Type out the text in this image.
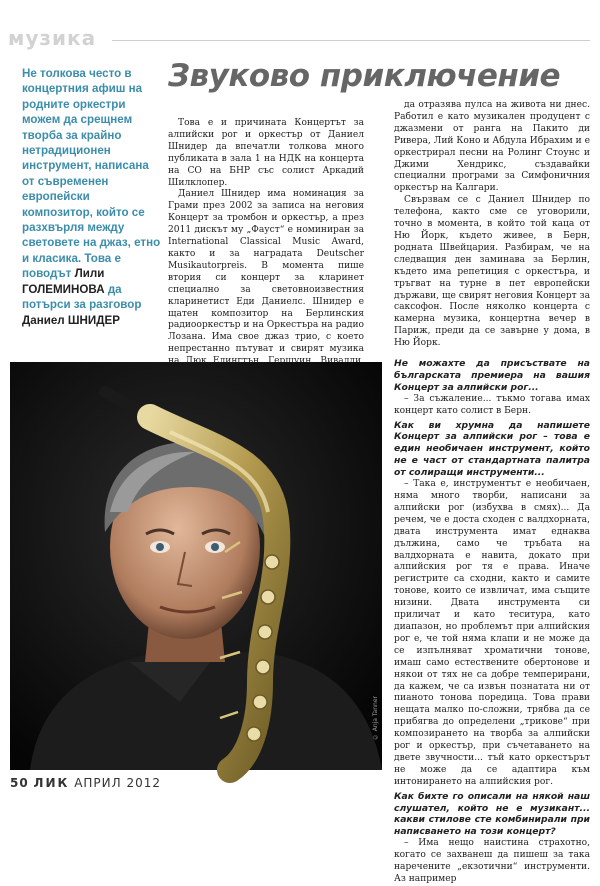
музика
Не толкова често в концертния афиш на родните оркестри можем да срещнем творба за крайно нетрадиционен инструмент, написана от съвременен европейски композитор, който се разхвърля между световете на джаз, етно и класика. Това е поводът Лили ГОЛЕМИНОВА да потърси за разговор Даниел ШНИДЕР
Звуково приключение

Това е и причината Концертът за алпийски рог и оркестър от Даниел Шнидер да впечатли толкова много публиката в зала 1 на НДК на концерта на СО на БНР със солист Аркадий Шилклопер.

Даниел Шнидер има номинация за Грами през 2002 за записа на неговия Концерт за тромбон и оркестър, а през 2011 дискът му „Фауст“ е номиниран за International Classical Music Award, както и за наградата Deutscher Musikautorpreis. В момента пише втория си концерт за кларинет специално за световноизвестния кларинетист Еди Даниелс. Шнидер е щатен композитор на Берлинския радиооркестър и на Оркестъра на радио Лозана. Има свое джаз трио, с което непрестанно пътуват и свирят музика

да отразява пулса на живота ни днес. Работил е като музикален продуцент с джазмени от ранга на Пакито ди Ривера, Лий Коно и Абдула Ибрахим и е оркестрирал песни на Ролинг Стоунс и Джими Хендрикс, създавайки специални програми за Симфоничния оркестър на Калгари.

Свързвам се с Даниел Шнидер по телефона, както сме се уговорили, точно в момента, в който той каца от Ню Йорк, където живее, в Берн, родната Швейцария. Разбирам, че на следващия ден заминава за Берлин, където има репетиция с оркестъра, и тръгват на турне в пет европейски държави, ще свирят неговия Концерт за саксофон. После няколко концерта с камерна музика, концертна вечер в Париж, преди да се завърне у дома, в Ню Йорк.

Не можахте да присъствате на българската премиера на вашия Концерт за алпийски рог...

– За съжаление... тъкмо тогава имах концерт като солист в Берн.

Как ви хрумна да напишете Концерт за алпийски рог – това е един необичаен инструмент, който не е част от стандартната палитра от солиращи инструменти...

– Така е, инструментът е необичаен, няма много творби, написани за алпийски рог (избухва в смях)... Да речем, че е доста сходен с валдхорната, двата инструмента имат еднаква дължина, само че тръбата на валдхорната е навита, докато при алпийския рог тя е права. Иначе регистрите са сходни, както и самите тонове, които се извличат, има същите низини. Двата инструмента си приличат и като теситура, като диапазон, но проблемът при алпийския рог е, че той няма клапи и не може да се изпълняват хроматични тонове, имаш само естествените обертонове и някои от тях не са добре темперирани, да кажем, че са извън познатата ни от пианото тонова поредица. Това прави нещата малко по-сложни, трябва да се прибягва до определени „трикове“ при композирането на творба за алпийски рог и оркестър, при съчетаването на двете звучности... тъй като оркестърът не може да се адаптира към интонирането на алпийския рог.

Как бихте го описали на някой наш слушател, който не е музикант... какви стилове сте комбинирали при написването на този концерт?

– Има нещо наистина страхотно, когато се захванеш да пишеш за така наречените „екзотични“ инструменти. Аз например

© Anja Tanner
50 ЛИК АПРИЛ 2012
